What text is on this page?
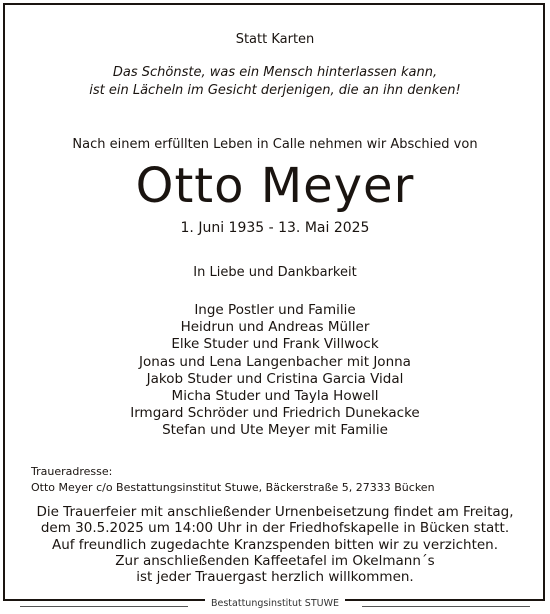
Statt Karten
Das Schönste, was ein Mensch hinterlassen kann,
ist ein Lächeln im Gesicht derjenigen, die an ihn denken!
Nach einem erfüllten Leben in Calle nehmen wir Abschied von
Otto Meyer
1. Juni 1935 - 13. Mai 2025
In Liebe und Dankbarkeit
Inge Postler und Familie
Heidrun und Andreas Müller
Elke Studer und Frank Villwock
Jonas und Lena Langenbacher mit Jonna
Jakob Studer und Cristina Garcia Vidal
Micha Studer und Tayla Howell
Irmgard Schröder und Friedrich Dunekacke
Stefan und Ute Meyer mit Familie
Traueradresse:
Otto Meyer c/o Bestattungsinstitut Stuwe, Bäckerstraße 5, 27333 Bücken
Die Trauerfeier mit anschließender Urnenbeisetzung findet am Freitag,
dem 30.5.2025 um 14:00 Uhr in der Friedhofskapelle in Bücken statt.
Auf freundlich zugedachte Kranzspenden bitten wir zu verzichten.
Zur anschließenden Kaffeetafel im Okelmann´s
ist jeder Trauergast herzlich willkommen.
Bestattungsinstitut STUWE
